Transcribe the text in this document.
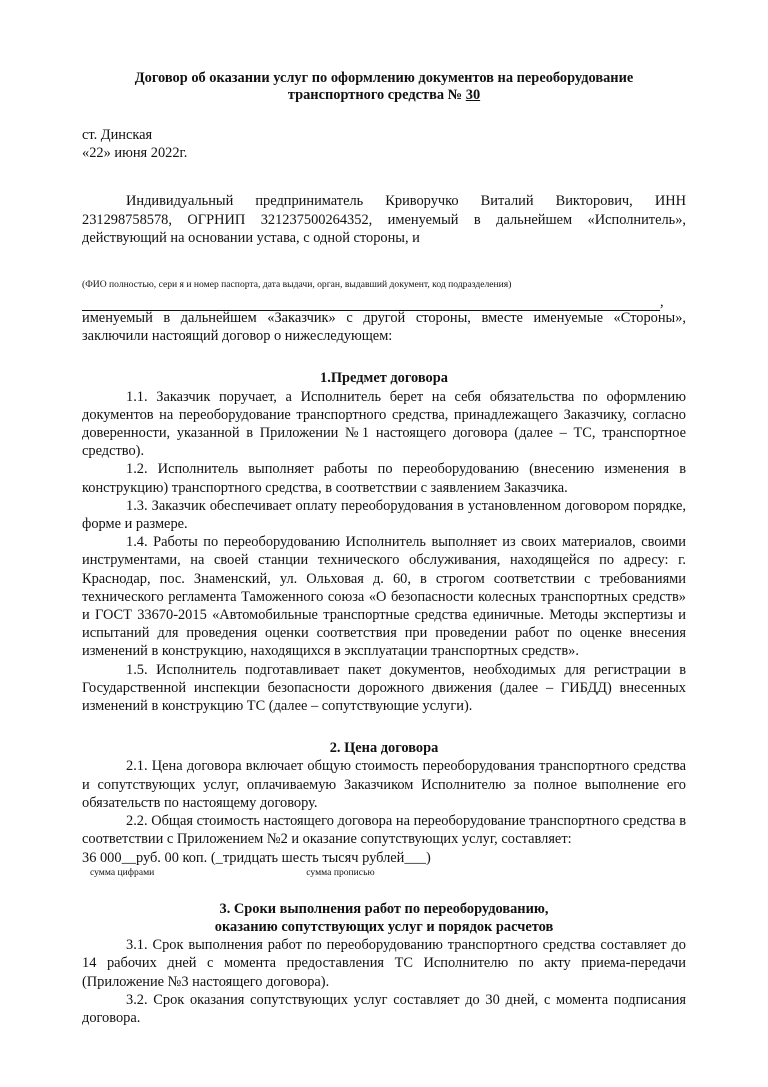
Договор об оказании услуг по оформлению документов на переоборудование
транспортного средства № 30

ст. Динская

«22» июня 2022г.

Индивидуальный предприниматель Криворучко Виталий Викторович, ИНН 231298758578, ОГРНИП 321237500264352, именуемый в дальнейшем «Исполнитель», действующий на основании устава, с одной стороны, и

(ФИО полностью, сери я и номер паспорта, дата выдачи, орган, выдавший документ, код подразделения)

,

именуемый в дальнейшем «Заказчик» с другой стороны, вместе именуемые «Стороны», заключили настоящий договор о нижеследующем:

1.Предмет договора

1.1. Заказчик поручает, а Исполнитель берет на себя обязательства по оформлению документов на переоборудование транспортного средства, принадлежащего Заказчику, согласно доверенности, указанной в Приложении №1 настоящего договора (далее – ТС, транспортное средство).

1.2. Исполнитель выполняет работы по переоборудованию (внесению изменения в конструкцию) транспортного средства, в соответствии с заявлением Заказчика.

1.3. Заказчик обеспечивает оплату переоборудования в установленном договором порядке, форме и размере.

1.4. Работы по переоборудованию Исполнитель выполняет из своих материалов, своими инструментами, на своей станции технического обслуживания, находящейся по адресу: г. Краснодар, пос. Знаменский, ул. Ольховая д. 60, в строгом соответствии с требованиями технического регламента Таможенного союза «О безопасности колесных транспортных средств» и ГОСТ 33670-2015 «Автомобильные транспортные средства единичные. Методы экспертизы и испытаний для проведения оценки соответствия при проведении работ по оценке внесения изменений в конструкцию, находящихся в эксплуатации транспортных средств».

1.5. Исполнитель подготавливает пакет документов, необходимых для регистрации в Государственной инспекции безопасности дорожного движения (далее – ГИБДД) внесенных изменений в конструкцию ТС (далее – сопутствующие услуги).

2. Цена договора

2.1. Цена договора включает общую стоимость переоборудования транспортного средства и сопутствующих услуг, оплачиваемую Заказчиком Исполнителю за полное выполнение его обязательств по настоящему договору.

2.2. Общая стоимость настоящего договора на переоборудование транспортного средства в соответствии с Приложением №2 и оказание сопутствующих услуг, составляет:

36 000__руб. 00 коп. (_тридцать шесть тысяч рублей___)

сумма цифрами	сумма прописью

3. Сроки выполнения работ по переоборудованию,

оказанию сопутствующих услуг и порядок расчетов

3.1. Срок выполнения работ по переоборудованию транспортного средства составляет до 14 рабочих дней с момента предоставления ТС Исполнителю по акту приема-передачи (Приложение №3 настоящего договора).

3.2. Срок оказания сопутствующих услуг составляет до 30 дней, с момента подписания договора.
